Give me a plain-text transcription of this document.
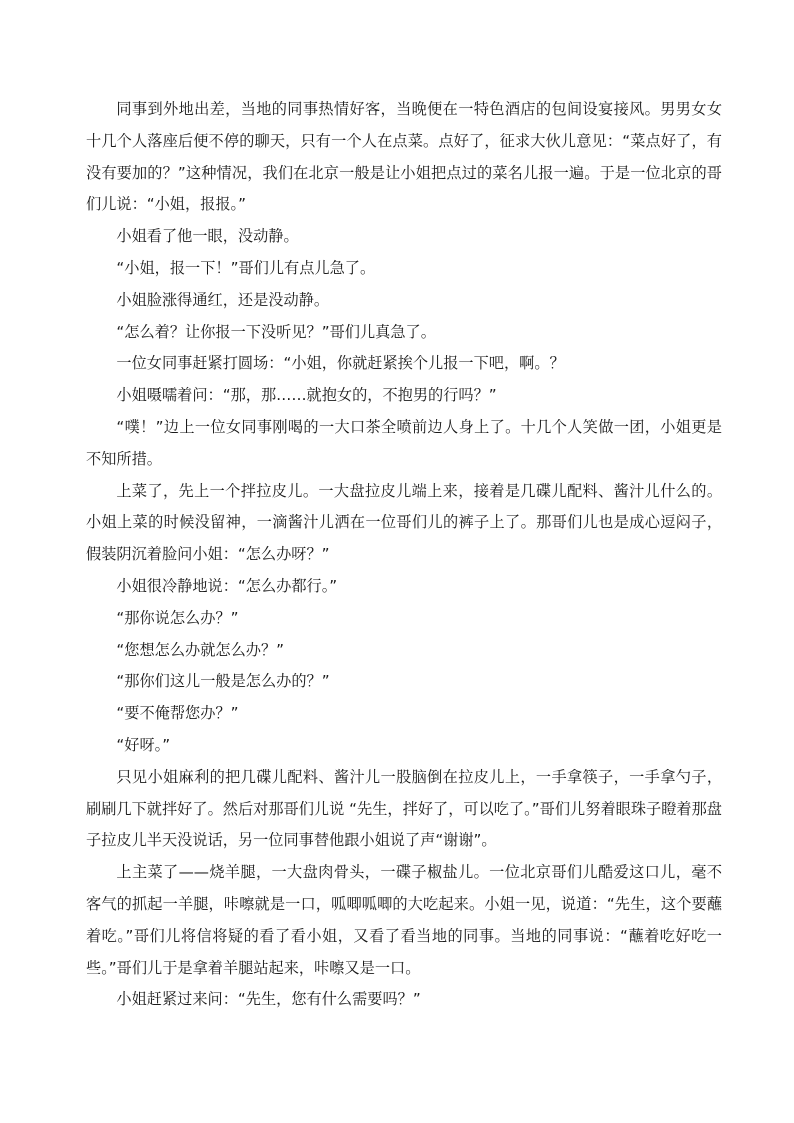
同事到外地出差，当地的同事热情好客，当晚便在一特色酒店的包间设宴接风。男男女女十几个人落座后便不停的聊天，只有一个人在点菜。点好了，征求大伙儿意见：“菜点好了，有没有要加的？”这种情况，我们在北京一般是让小姐把点过的菜名儿报一遍。于是一位北京的哥们儿说：“小姐，报报。”

小姐看了他一眼，没动静。

“小姐，报一下！”哥们儿有点儿急了。

小姐脸涨得通红，还是没动静。

“怎么着？让你报一下没听见？”哥们儿真急了。

一位女同事赶紧打圆场：“小姐，你就赶紧挨个儿报一下吧，啊。？

小姐嗫嚅着问：“那，那……就抱女的，不抱男的行吗？”

“噗！”边上一位女同事刚喝的一大口茶全喷前边人身上了。十几个人笑做一团，小姐更是不知所措。

上菜了，先上一个拌拉皮儿。一大盘拉皮儿端上来，接着是几碟儿配料、酱汁儿什么的。小姐上菜的时候没留神，一滴酱汁儿洒在一位哥们儿的裤子上了。那哥们儿也是成心逗闷子，假装阴沉着脸问小姐：“怎么办呀？”

小姐很冷静地说：“怎么办都行。”

“那你说怎么办？”

“您想怎么办就怎么办？”

“那你们这儿一般是怎么办的？”

“要不俺帮您办？”

“好呀。”

只见小姐麻利的把几碟儿配料、酱汁儿一股脑倒在拉皮儿上，一手拿筷子，一手拿勺子，刷刷几下就拌好了。然后对那哥们儿说 “先生，拌好了，可以吃了。”哥们儿努着眼珠子瞪着那盘子拉皮儿半天没说话，另一位同事替他跟小姐说了声“谢谢”。

上主菜了——烧羊腿，一大盘肉骨头，一碟子椒盐儿。一位北京哥们儿酷爱这口儿，毫不客气的抓起一羊腿，咔嚓就是一口，呱唧呱唧的大吃起来。小姐一见，说道：“先生，这个要蘸着吃。”哥们儿将信将疑的看了看小姐，又看了看当地的同事。当地的同事说：“蘸着吃好吃一些。”哥们儿于是拿着羊腿站起来，咔嚓又是一口。

小姐赶紧过来问：“先生，您有什么需要吗？”
